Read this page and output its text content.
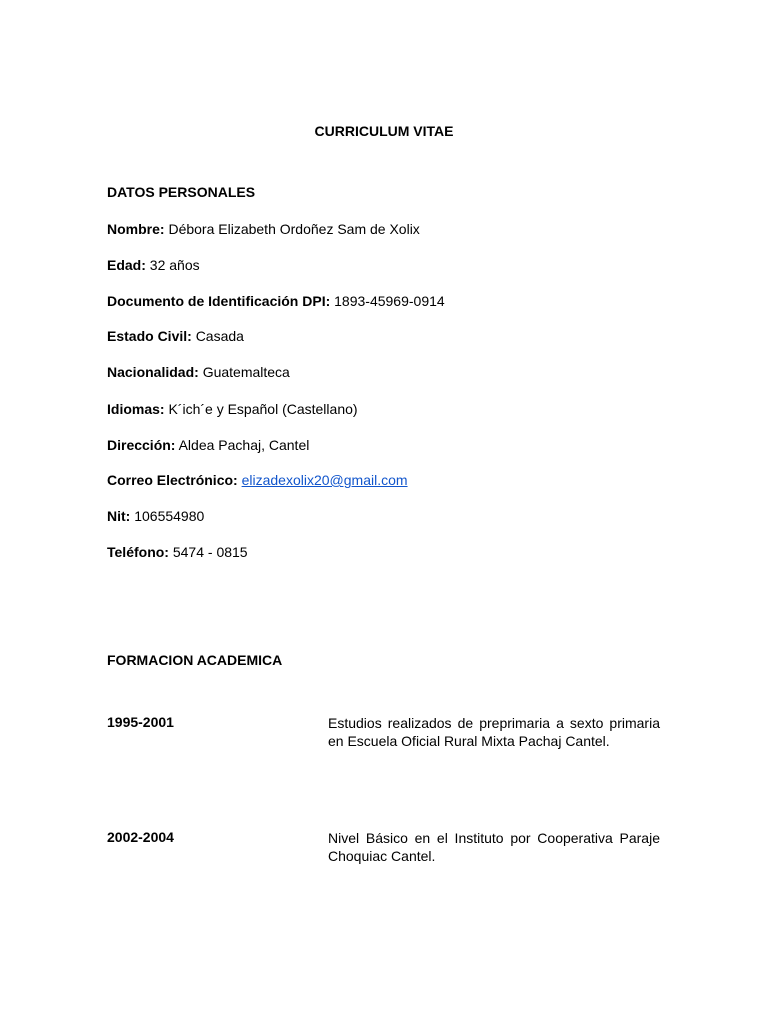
CURRICULUM VITAE
DATOS PERSONALES
Nombre: Débora Elizabeth Ordoñez Sam de Xolix
Edad: 32 años
Documento de Identificación DPI: 1893-45969-0914
Estado Civil: Casada
Nacionalidad: Guatemalteca
Idiomas: K´ich´e y Español (Castellano)
Dirección: Aldea Pachaj, Cantel
Correo Electrónico: elizadexolix20@gmail.com
Nit: 106554980
Teléfono: 5474 - 0815
FORMACION ACADEMICA
1995-2001	Estudios realizados de preprimaria a sexto primaria en Escuela Oficial Rural Mixta Pachaj Cantel.
2002-2004	Nivel Básico en el Instituto por Cooperativa Paraje Choquiac Cantel.
